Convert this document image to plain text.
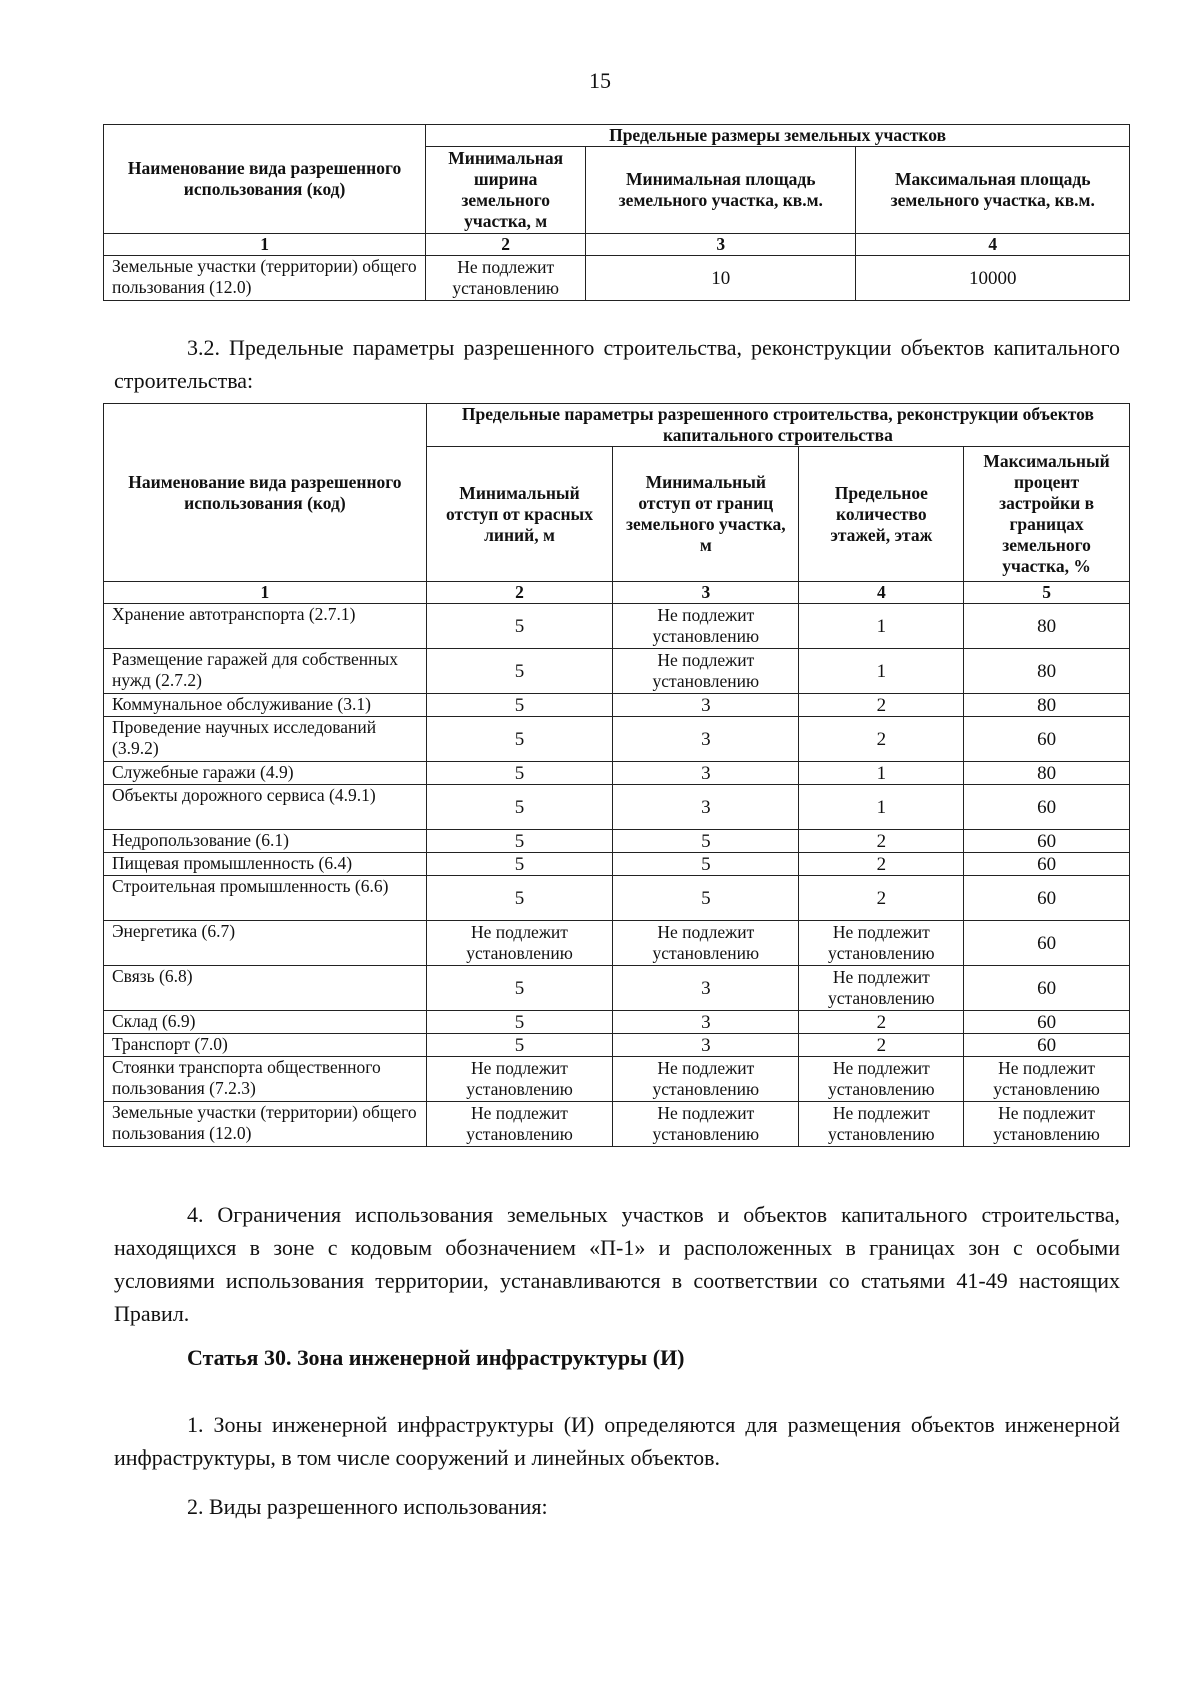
15
Наименование вида разрешенного использования (код)	Предельные размеры земельных участков		
	Минимальная ширина земельного участка, м	Минимальная площадь земельного участка, кв.м.	Максимальная площадь земельного участка, кв.м.
1	2	3	4
Земельные участки (территории) общего пользования (12.0)	Не подлежит установлению	10	10000
3.2. Предельные параметры разрешенного строительства, реконструкции объектов капитального строительства:
Наименование вида разрешенного использования (код)	Предельные параметры разрешенного строительства, реконструкции объектов капитального строительства			
	Минимальный отступ от красных линий, м	Минимальный отступ от границ земельного участка, м	Предельное количество этажей, этаж	Максимальный процент застройки в границах земельного участка, %
1	2	3	4	5
Хранение автотранспорта (2.7.1)	5	Не подлежит установлению	1	80
Размещение гаражей для собственных нужд (2.7.2)	5	Не подлежит установлению	1	80
Коммунальное обслуживание (3.1)	5	3	2	80
Проведение научных исследований (3.9.2)	5	3	2	60
Служебные гаражи (4.9)	5	3	1	80
Объекты дорожного сервиса (4.9.1)	5	3	1	60
Недропользование (6.1)	5	5	2	60
Пищевая промышленность (6.4)	5	5	2	60
Строительная промышленность (6.6)	5	5	2	60
Энергетика (6.7)	Не подлежит установлению	Не подлежит установлению	Не подлежит установлению	60
Связь (6.8)	5	3	Не подлежит установлению	60
Склад (6.9)	5	3	2	60
Транспорт (7.0)	5	3	2	60
Стоянки транспорта общественного пользования (7.2.3)	Не подлежит установлению	Не подлежит установлению	Не подлежит установлению	Не подлежит установлению
Земельные участки (территории) общего пользования (12.0)	Не подлежит установлению	Не подлежит установлению	Не подлежит установлению	Не подлежит установлению
4. Ограничения использования земельных участков и объектов капитального строительства, находящихся в зоне с кодовым обозначением «П-1» и расположенных в границах зон с особыми условиями использования территории, устанавливаются в соответствии со статьями 41-49 настоящих Правил.
Статья 30. Зона инженерной инфраструктуры (И)
1. Зоны инженерной инфраструктуры (И) определяются для размещения объектов инженерной инфраструктуры, в том числе сооружений и линейных объектов.
2. Виды разрешенного использования:
